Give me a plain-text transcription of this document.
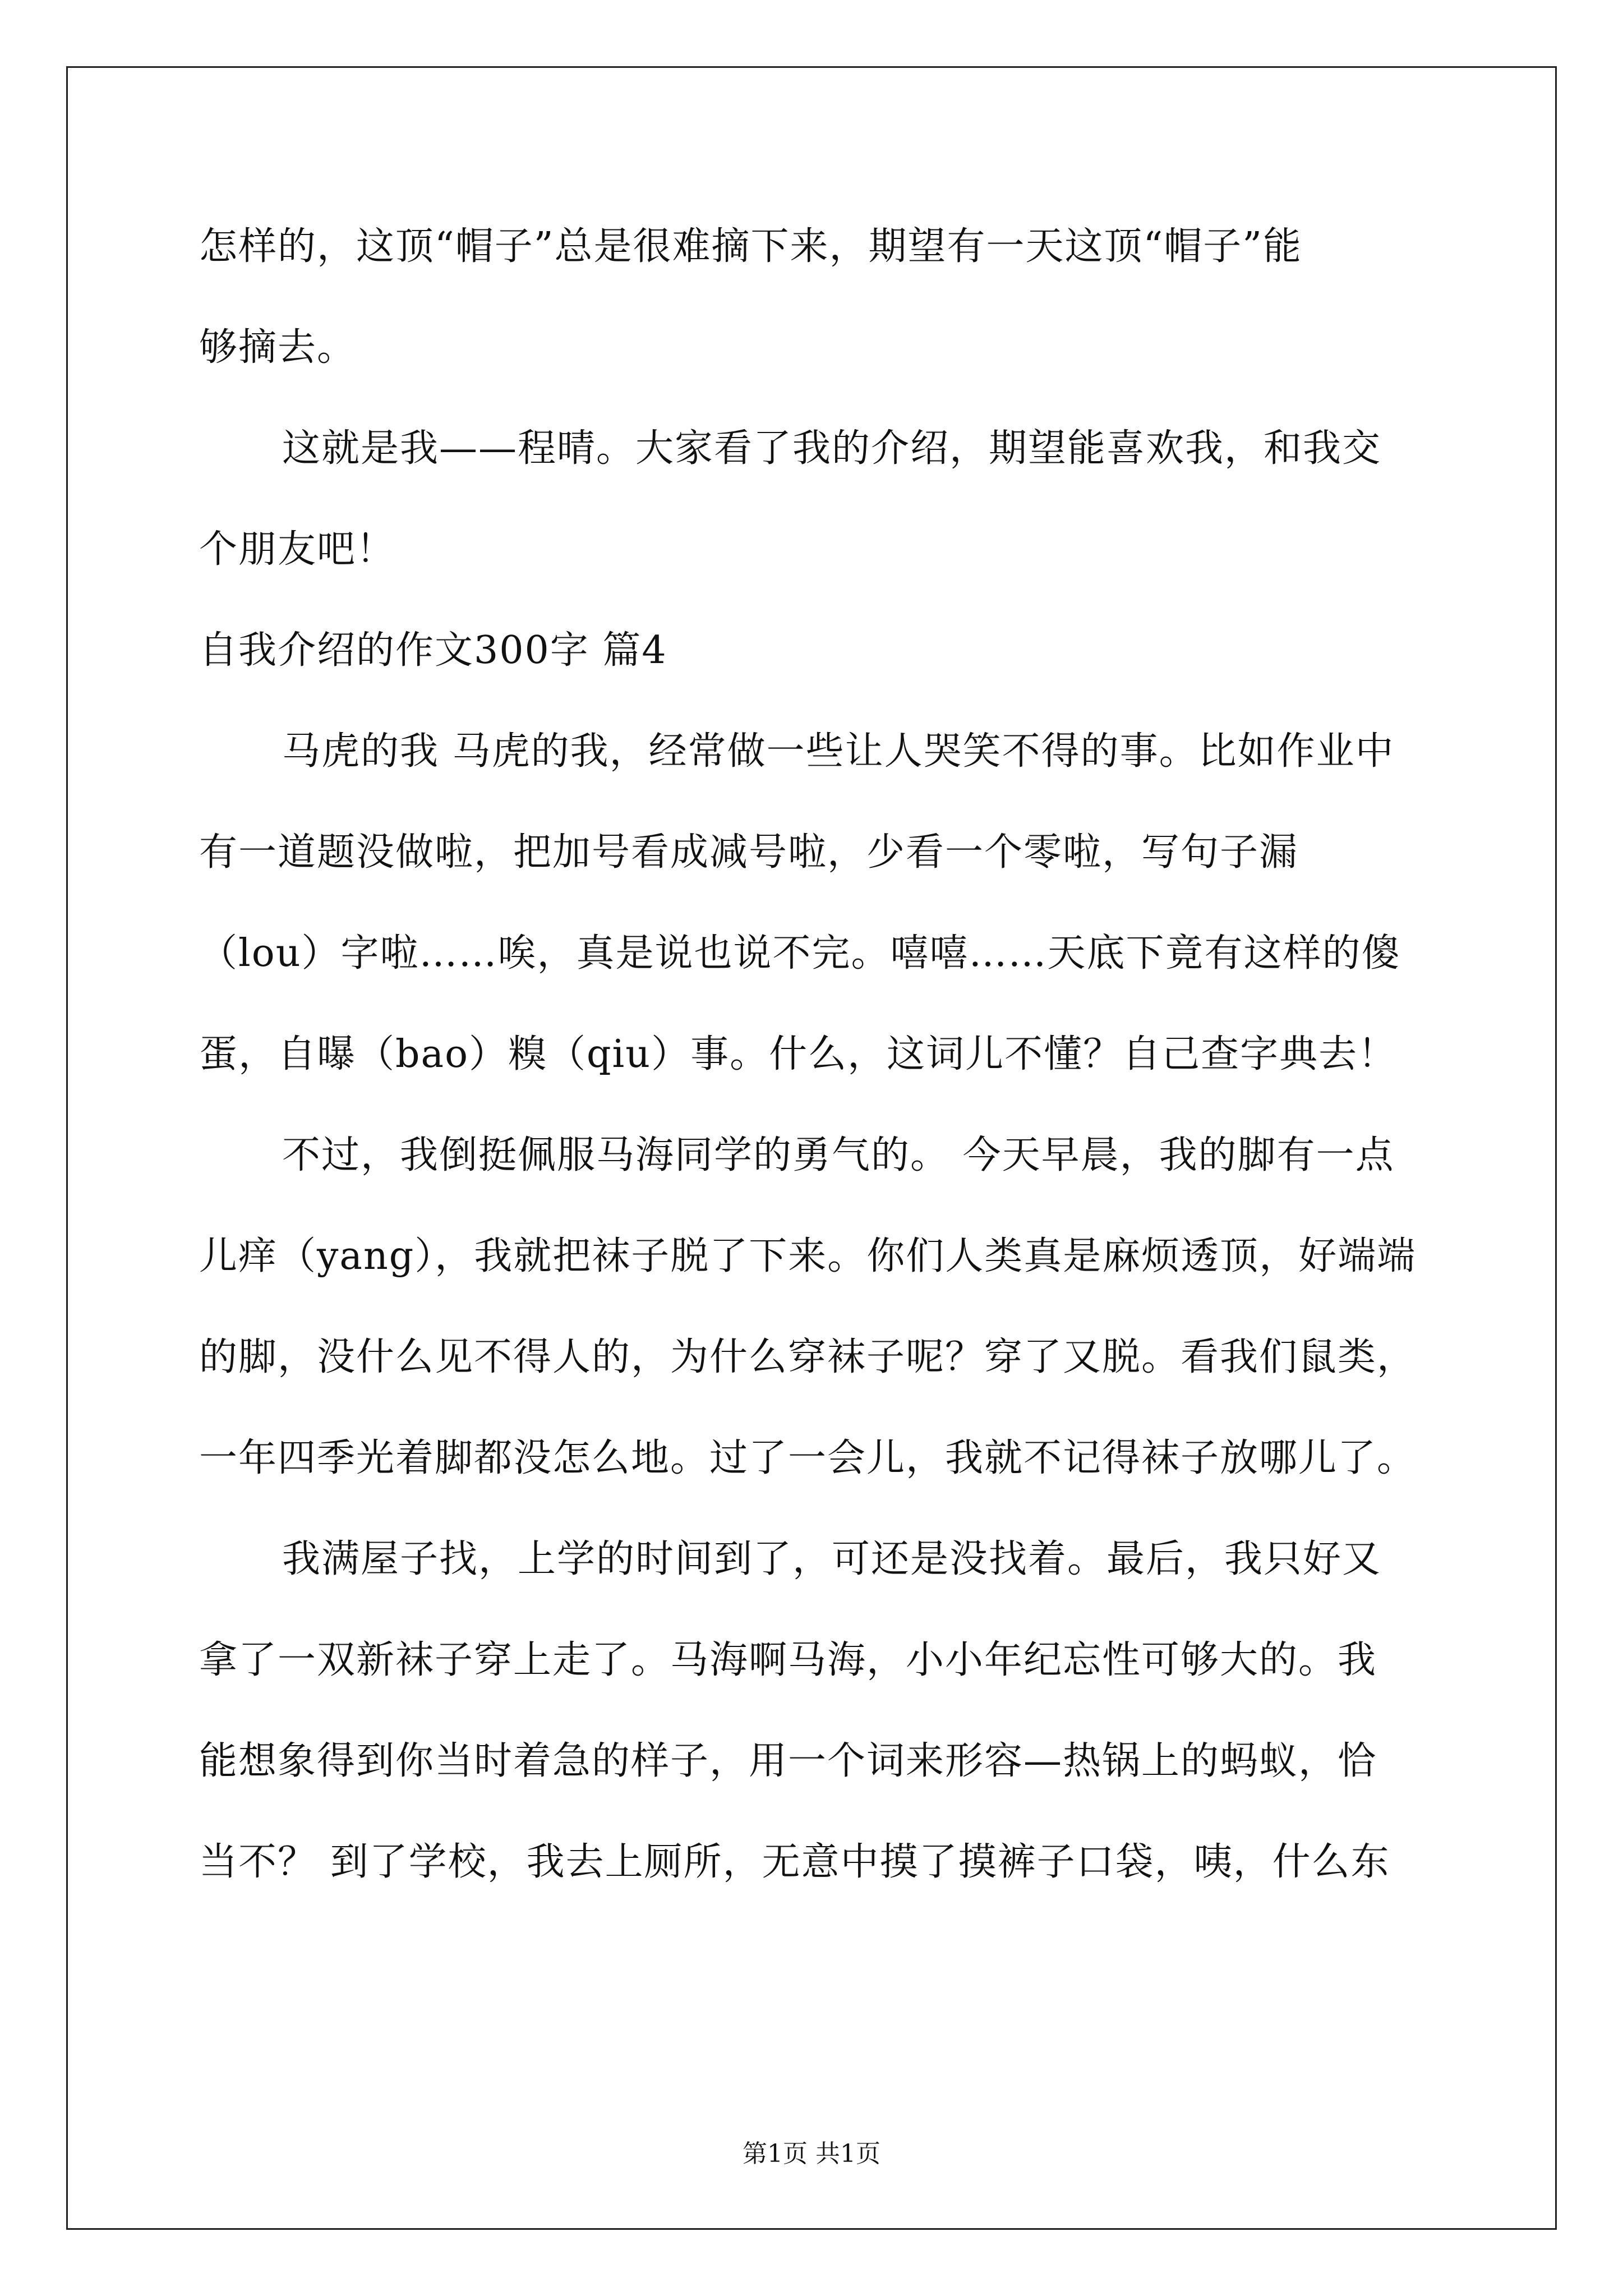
怎样的，这顶“帽子”总是很难摘下来，期望有一天这顶“帽子”能
够摘去。
这就是我——程晴。大家看了我的介绍，期望能喜欢我，和我交
个朋友吧！
自我介绍的作文300字 篇4
马虎的我 马虎的我，经常做一些让人哭笑不得的事。比如作业中
有一道题没做啦，把加号看成减号啦，少看一个零啦，写句子漏
（lou）字啦……唉，真是说也说不完。嘻嘻……天底下竟有这样的傻
蛋，自曝（bao）糗（qiu）事。什么，这词儿不懂？自己查字典去！
不过，我倒挺佩服马海同学的勇气的。 今天早晨，我的脚有一点
儿痒（yang），我就把袜子脱了下来。你们人类真是麻烦透顶，好端端
的脚，没什么见不得人的，为什么穿袜子呢？穿了又脱。看我们鼠类，
一年四季光着脚都没怎么地。过了一会儿，我就不记得袜子放哪儿了。
我满屋子找，上学的时间到了，可还是没找着。最后，我只好又
拿了一双新袜子穿上走了。马海啊马海，小小年纪忘性可够大的。我
能想象得到你当时着急的样子，用一个词来形容—热锅上的蚂蚁，恰
当不？ 到了学校，我去上厕所，无意中摸了摸裤子口袋，咦，什么东
第1页 共1页
